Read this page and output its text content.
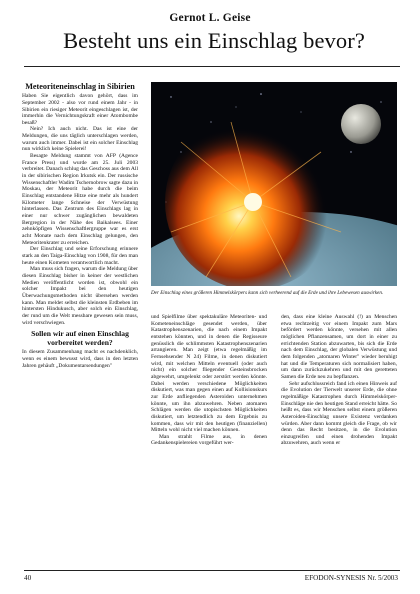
Gernot L. Geise
Besteht uns ein Einschlag bevor?
Meteoriteneinschlag in Sibirien

Haben Sie eigentlich davon gehört, dass im September 2002 - also vor rund einem Jahr - in Sibirien ein riesiger Meteorit eingeschlagen ist, der immerhin die Vernichtungskraft einer Atombombe besaß?

Nein? Ich auch nicht. Das ist eine der Meldungen, die uns täglich unterschlagen werden, warum auch immer. Dabei ist ein solcher Einschlag nun wirklich keine Spielerei!

Besagte Meldung stammt von AFP (Agence France Press) und wurde am 25. Juli 2003 verbreitet. Danach schlug das Geschoss aus dem All in der sibirischen Region Irkutsk ein. Der russische Wissenschaftler Wadim Tschernobrow sagte dazu in Moskau, der Meteorit habe durch die beim Einschlag entstandene Hitze eine mehr als hundert Kilometer lange Schneise der Verwüstung hinterlassen. Das Zentrum des Einschlags lag in einer nur schwer zugänglichen bewaldeten Bergregion in der Nähe des Baikalsees. Einer zehnköpfigen Wissenschaftlergruppe war es erst acht Monate nach dem Einschlag gelungen, den Meteoritenkrater zu erreichen.

Der Einschlag und seine Erforschung erinnere stark an den Taiga-Einschlag von 1908, für den man heute einen Kometen verantwortlich macht.

Man muss sich fragen, warum die Meldung über diesen Einschlag bisher in keiner der westlichen Medien veröffentlicht worden ist, obwohl ein solcher Impakt bei den heutigen Überwachungsmethoden nicht übersehen werden kann. Man meldet selbst die kleinsten Erdbeben im hintersten Hindukusch, aber solch ein Einschlag, der rund um die Welt messbare gewesen sein muss, wird verschwiegen.

Sollen wir auf einen Einschlag vorbereitet werden?

In diesem Zusammenhang macht es nachdenklich, wenn es einem bewusst wird, dass in den letzten Jahren gehäuft „Dokumentarsendungen"

Der Einschlag eines größeren Himmelskörpers kann sich verheerend auf die Erde und ihre Lebewesen auswirken.

und Spielfilme über spektakuläre Meteoriten- und Kometeneinschläge gesendet werden, über Katastrophenszenarien, die nach einem Impakt entstehen könnten, und in denen die Regisseure genüsslich die schlimmsten Katastrophenszenarien arrangieren. Man zeigt (etwa regelmäßig im Fernsehsender N 24) Filme, in denen diskutiert wird, mit welchen Mitteln eventuell (oder auch nicht) ein solcher fliegender Gesteinsbrocken abgewehrt, umgelenkt oder zerstört werden könnte. Dabei werden verschiedene Möglichkeiten diskutiert, was man gegen einen auf Kollisionskurs zur Erde anfliegenden Asteroiden unternehmen könnte, um ihn abzuwehren. Neben atomaren Schlägen werden die utopischsten Möglichkeiten diskutiert, um letztendlich zu dem Ergebnis zu kommen, dass wir mit den heutigen (finanziellen) Mitteln wohl nicht viel machen können.

Man strahlt Filme aus, in denen Gedankenspielereien vorgeführt wer-

den, dass eine kleine Auswahl (!) an Menschen etwa rechtzeitig vor einem Impakt zum Mars befördert werden könnte, versehen mit allen möglichen Pflanzensamen, um dort in einer zu errichtenden Station abzuwarten, bis sich die Erde nach dem Einschlag, der globalen Verwüstung und dem folgenden „atomaren Winter" wieder beruhigt hat und die Temperaturen sich normalisiert haben, um dann zurückzukehren und mit den geretteten Samen die Erde neu zu bepflanzen.

Sehr aufschlussreich fand ich einen Hinweis auf die Evolution der Tierwelt unserer Erde, die ohne regelmäßige Katastrophen durch Himmelskörper-Einschläge nie den heutigen Stand erreicht hätte. So heißt es, dass wir Menschen selbst einem größeren Asteroiden-Einschlag unsere Existenz verdanken würden. Aber dann kommt gleich die Frage, ob wir denn das Recht besitzen, in die Evolution einzugreifen und einen drohenden Impakt abzuwehren, auch wenn er

40	EFODON-SYNESIS Nr. 5/2003
